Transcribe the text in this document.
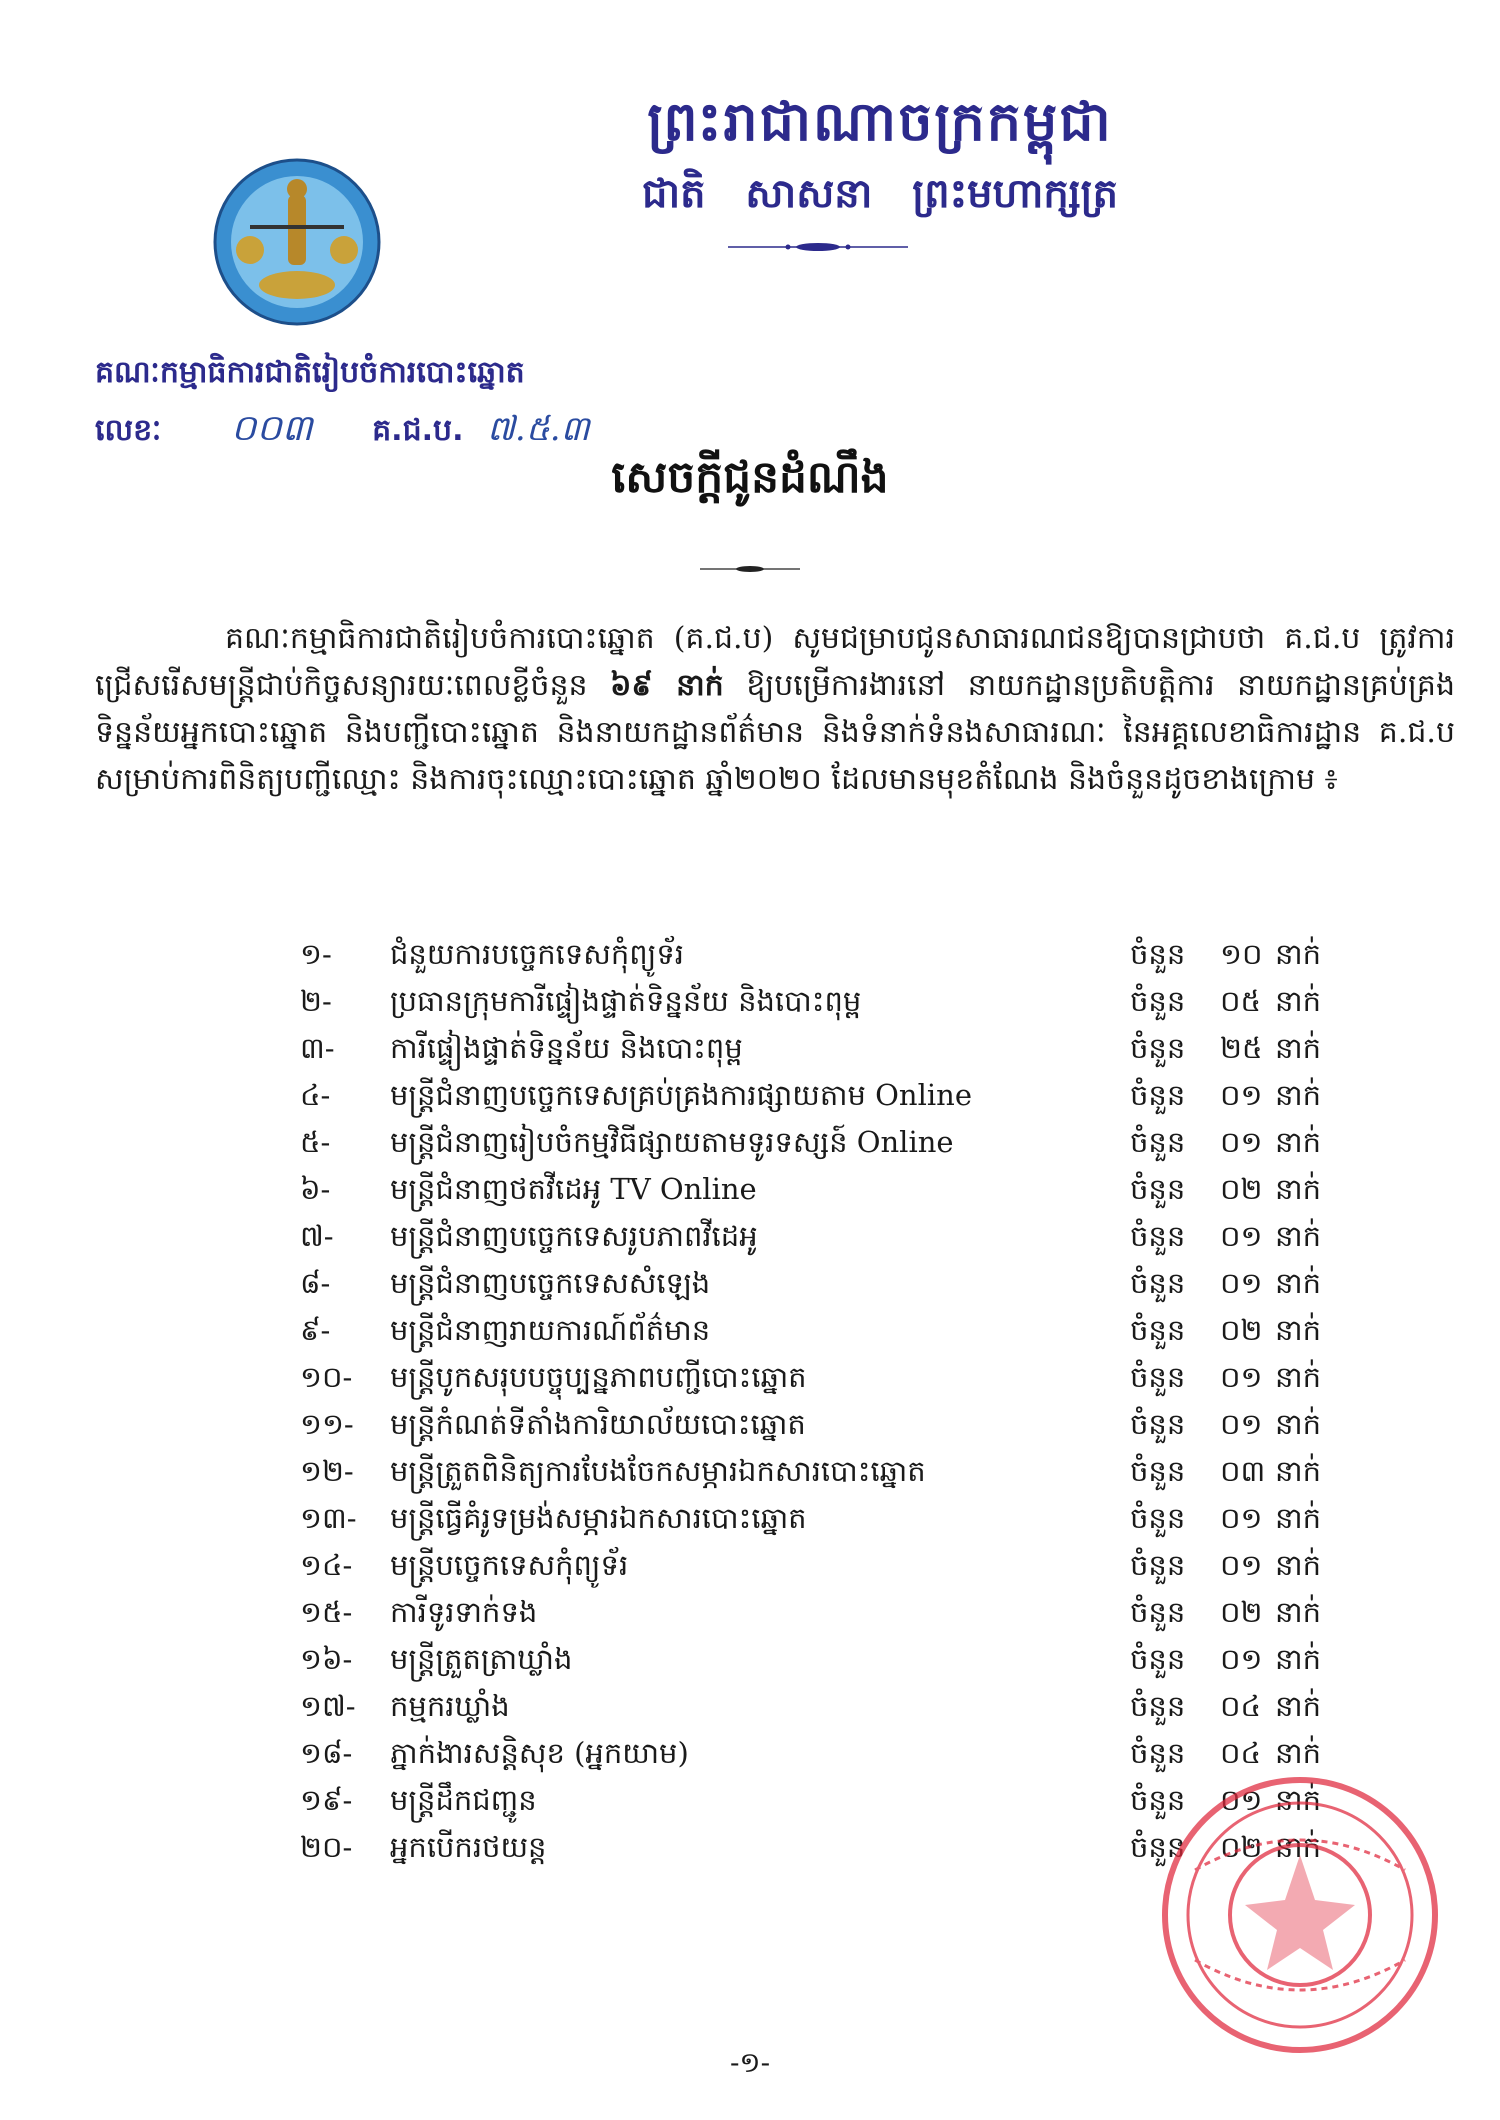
ព្រះរាជាណាចក្រកម្ពុជា
ជាតិ សាសនា ព្រះមហាក្សត្រ
គណៈកម្មាធិការជាតិរៀបចំការបោះឆ្នោត
លេខៈ ០០៣ គ.ជ.ប. ៧.៥.៣
សេចក្ដីជូនដំណឹង
គណៈកម្មាធិការជាតិរៀបចំការបោះឆ្នោត (គ.ជ.ប) សូមជម្រាបជូនសាធារណជនឱ្យបានជ្រាបថា គ.ជ.ប ត្រូវការជ្រើសរើសមន្ត្រីជាប់កិច្ចសន្យារយៈពេលខ្លីចំនួន ៦៩ នាក់ ឱ្យបម្រើការងារនៅ នាយកដ្ឋានប្រតិបត្តិការ នាយកដ្ឋានគ្រប់គ្រងទិន្នន័យអ្នកបោះឆ្នោត និងបញ្ជីបោះឆ្នោត និងនាយកដ្ឋានព័ត៌មាន និងទំនាក់ទំនងសាធារណៈ នៃអគ្គលេខាធិការដ្ឋាន គ.ជ.ប សម្រាប់ការពិនិត្យបញ្ជីឈ្មោះ និងការចុះឈ្មោះបោះឆ្នោត ឆ្នាំ២០២០ ដែលមានមុខតំណែង និងចំនួនដូចខាងក្រោម ៖
១- ជំនួយការបច្ចេកទេសកុំព្យូទ័រ	ចំនួន ១០ នាក់
២- ប្រធានក្រុមការីផ្ទៀងផ្ទាត់ទិន្នន័យ និងបោះពុម្ព	ចំនួន ០៥ នាក់
៣- ការីផ្ទៀងផ្ទាត់ទិន្នន័យ និងបោះពុម្ព	ចំនួន ២៥ នាក់
៤- មន្ត្រីជំនាញបច្ចេកទេសគ្រប់គ្រងការផ្សាយតាម Online	ចំនួន ០១ នាក់
៥- មន្ត្រីជំនាញរៀបចំកម្មវិធីផ្សាយតាមទូរទស្សន៍ Online	ចំនួន ០១ នាក់
៦- មន្ត្រីជំនាញថតវីដេអូ TV Online	ចំនួន ០២ នាក់
៧- មន្ត្រីជំនាញបច្ចេកទេសរូបភាពវីដេអូ	ចំនួន ០១ នាក់
៨- មន្ត្រីជំនាញបច្ចេកទេសសំឡេង	ចំនួន ០១ នាក់
៩- មន្ត្រីជំនាញរាយការណ៍ព័ត៌មាន	ចំនួន ០២ នាក់
១០- មន្ត្រីបូកសរុបបច្ចុប្បន្នភាពបញ្ជីបោះឆ្នោត	ចំនួន ០១ នាក់
១១- មន្ត្រីកំណត់ទីតាំងការិយាល័យបោះឆ្នោត	ចំនួន ០១ នាក់
១២- មន្ត្រីត្រួតពិនិត្យការបែងចែកសម្ភារឯកសារបោះឆ្នោត	ចំនួន ០៣ នាក់
១៣- មន្ត្រីធ្វើគំរូទម្រង់សម្ភារឯកសារបោះឆ្នោត	ចំនួន ០១ នាក់
១៤- មន្ត្រីបច្ចេកទេសកុំព្យូទ័រ	ចំនួន ០១ នាក់
១៥- ការីទូរទាក់ទង	ចំនួន ០២ នាក់
១៦- មន្ត្រីត្រួតត្រាឃ្លាំង	ចំនួន ០១ នាក់
១៧- កម្មករឃ្លាំង	ចំនួន ០៤ នាក់
១៨- ភ្នាក់ងារសន្តិសុខ (អ្នកយាម)	ចំនួន ០៤ នាក់
១៩- មន្ត្រីដឹកជញ្ជូន	ចំនួន ០១ នាក់
២០- អ្នកបើករថយន្ត	ចំនួន ០២ នាក់
-១-
